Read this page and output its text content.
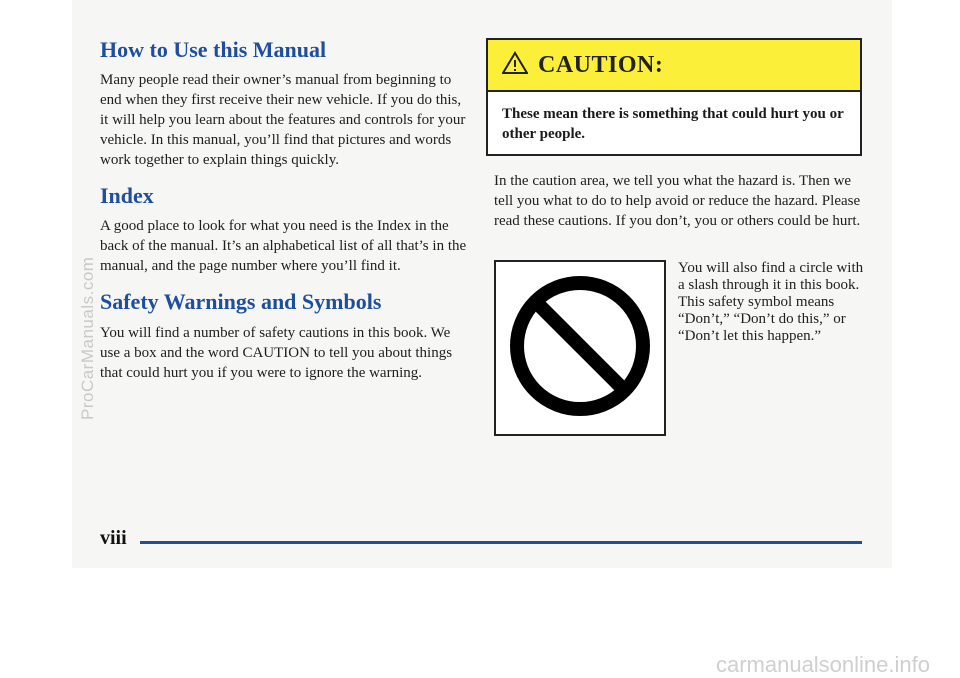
How to Use this Manual

Many people read their owner’s manual from beginning to end when they first receive their new vehicle. If you do this, it will help you learn about the features and controls for your vehicle. In this manual, you’ll find that pictures and words work together to explain things quickly.

Index

A good place to look for what you need is the Index in the back of the manual. It’s an alphabetical list of all that’s in the manual, and the page number where you’ll find it.

Safety Warnings and Symbols

You will find a number of safety cautions in this book. We use a box and the word CAUTION to tell you about things that could hurt you if you were to ignore the warning.

CAUTION:
These mean there is something that could hurt you or other people.

In the caution area, we tell you what the hazard is. Then we tell you what to do to help avoid or reduce the hazard. Please read these cautions. If you don’t, you or others could be hurt.

You will also find a circle with a slash through it in this book. This safety symbol means “Don’t,” “Don’t do this,” or “Don’t let this happen.”

viii
ProCarManuals.com
carmanualsonline.info
